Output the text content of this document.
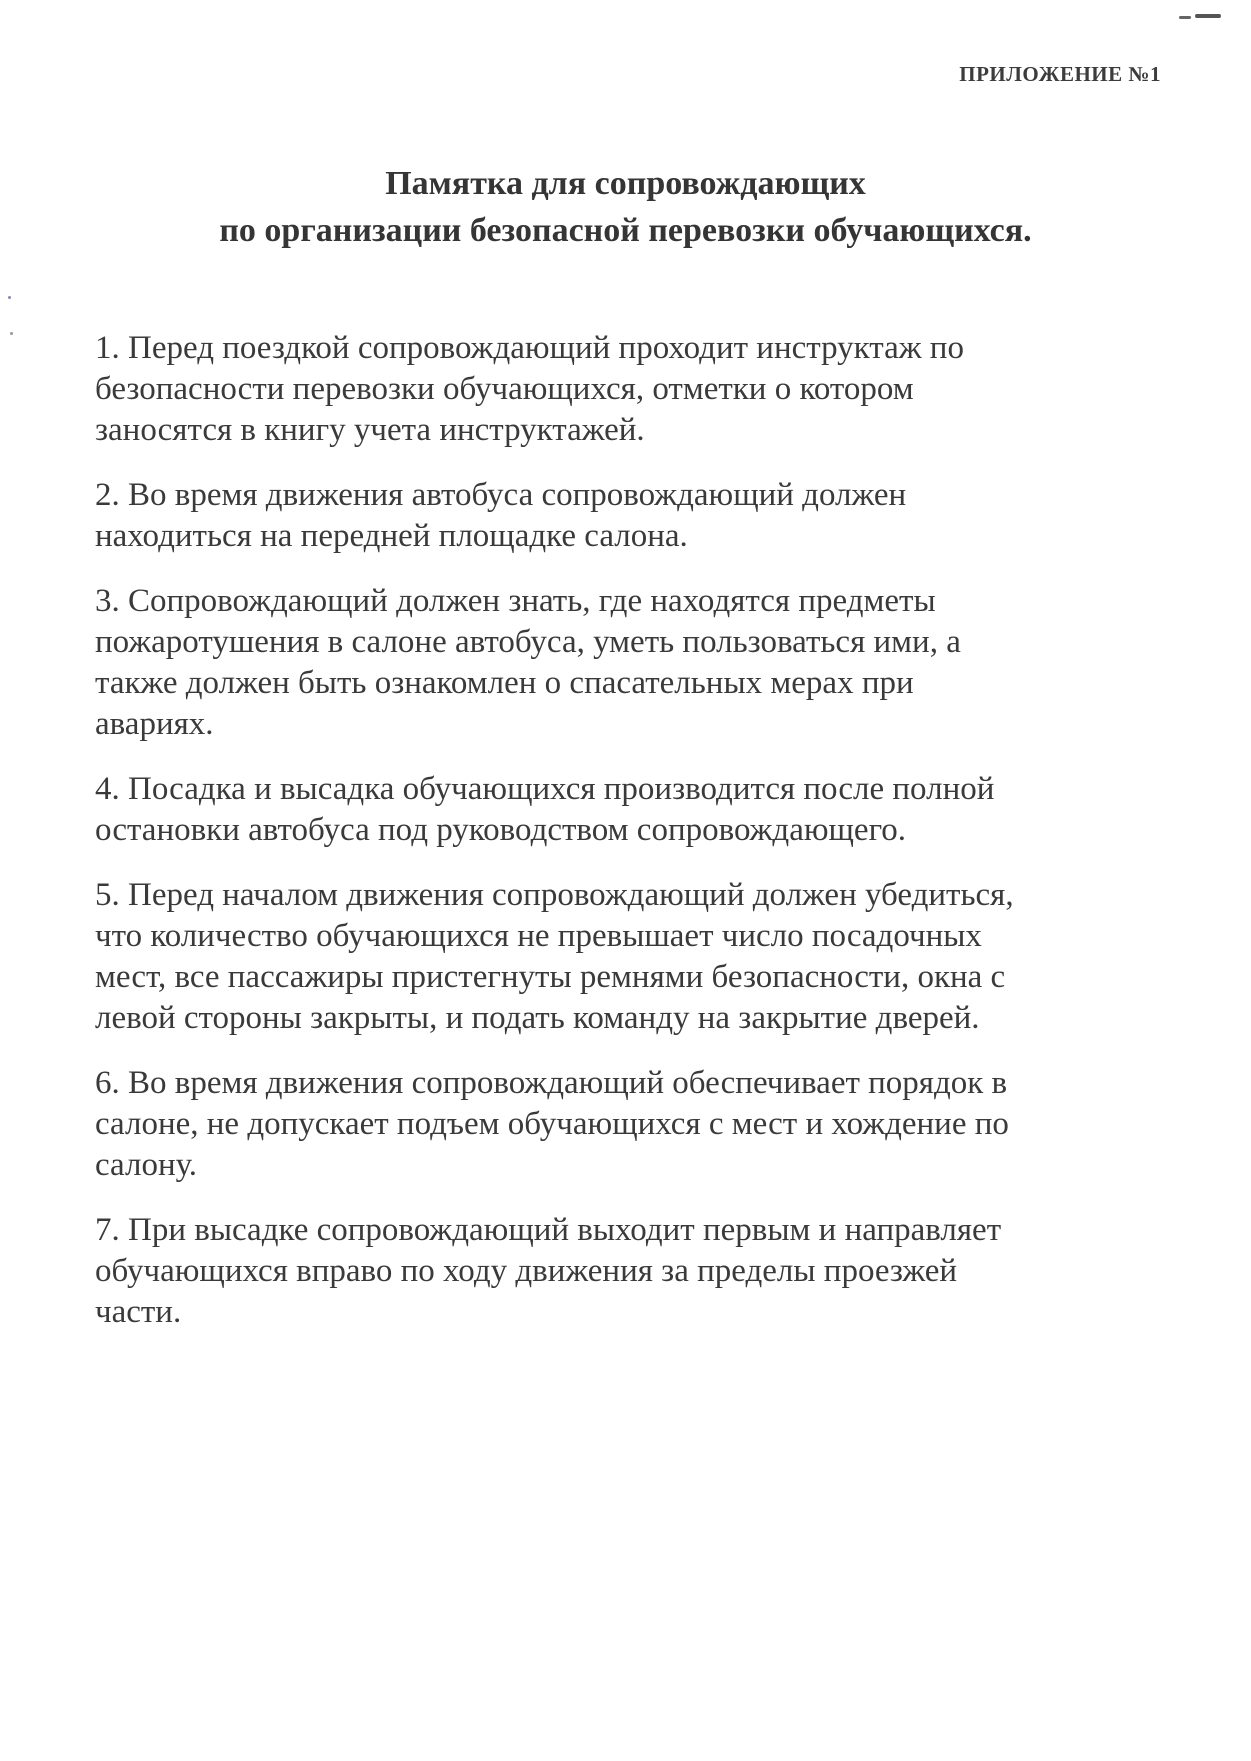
ПРИЛОЖЕНИЕ №1
Памятка для сопровождающих
по организации безопасной перевозки обучающихся.
1. Перед поездкой сопровождающий проходит инструктаж по
безопасности перевозки обучающихся, отметки о котором
заносятся в книгу учета инструктажей.
2. Во время движения автобуса сопровождающий должен
находиться на передней площадке салона.
3. Сопровождающий должен знать, где находятся предметы
пожаротушения в салоне автобуса, уметь пользоваться ими, а
также должен быть ознакомлен о спасательных мерах при
авариях.
4. Посадка и высадка обучающихся производится после полной
остановки автобуса под руководством сопровождающего.
5. Перед началом движения сопровождающий должен убедиться,
что количество обучающихся не превышает число посадочных
мест, все пассажиры пристегнуты ремнями безопасности, окна с
левой стороны закрыты, и подать команду на закрытие дверей.
6. Во время движения сопровождающий обеспечивает порядок в
салоне, не допускает подъем обучающихся с мест и хождение по
салону.
7. При высадке сопровождающий выходит первым и направляет
обучающихся вправо по ходу движения за пределы проезжей
части.
